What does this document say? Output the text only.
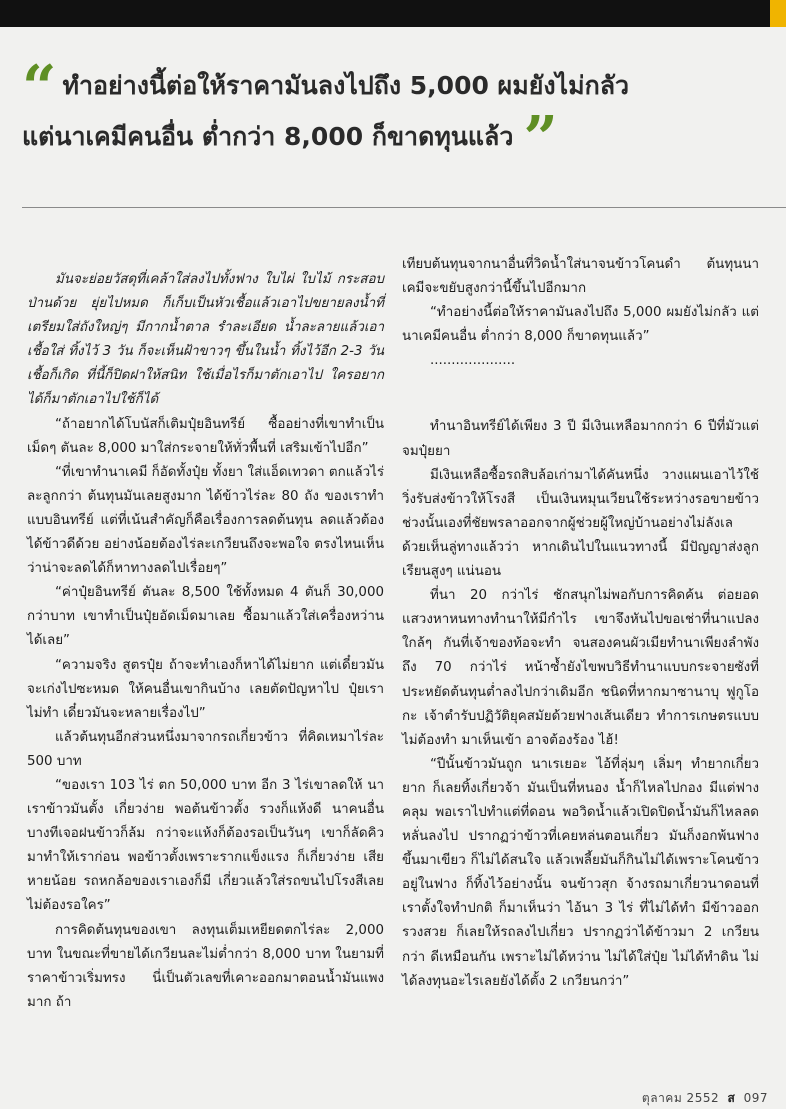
“ ทำอย่างนี้ต่อให้ราคามันลงไปถึง 5,000 ผมยังไม่กลัว
แต่นาเคมีคนอื่น ต่ำกว่า 8,000 ก็ขาดทุนแล้ว ”

มันจะย่อยวัสดุที่เคล้าใส่ลงไปทั้งฟาง ใบไผ่ ใบไม้ กระสอบป่านด้วย ยุ่ยไปหมด ก็เก็บเป็นหัวเชื้อแล้วเอาไปขยายลงน้ำที่เตรียมใส่ถังใหญ่ๆ มีกากน้ำตาล รำละเอียด น้ำละลายแล้วเอาเชื้อใส่ ทิ้งไว้ 3 วัน ก็จะเห็นฝ้าขาวๆ ขึ้นในน้ำ ทิ้งไว้อีก 2-3 วันเชื้อก็เกิด ที่นี้ก็ปิดฝาให้สนิท ใช้เมื่อไรก็มาตักเอาไป ใครอยากได้ก็มาตักเอาไปใช้ก็ได้

“ถ้าอยากได้โบนัสก็เติมปุ๋ยอินทรีย์ ซื้ออย่างที่เขาทำเป็นเม็ดๆ ตันละ 8,000 มาใส่กระจายให้ทั่วพื้นที่ เสริมเข้าไปอีก”

“ที่เขาทำนาเคมี ก็อัดทั้งปุ๋ย ทั้งยา ใส่แอ็ดเทวดา ตกแล้วไร่ละลูกกว่า ต้นทุนมันเลยสูงมาก ได้ข้าวไร่ละ 80 ถัง ของเราทำแบบอินทรีย์ แต่ที่เน้นสำคัญก็คือเรื่องการลดต้นทุน ลดแล้วต้องได้ข้าวดีด้วย อย่างน้อยต้องไร่ละเกวียนถึงจะพอใจ ตรงไหนเห็นว่าน่าจะลดได้ก็หาทางลดไปเรื่อยๆ”

“ค่าปุ๋ยอินทรีย์ ตันละ 8,500 ใช้ทั้งหมด 4 ตันก็ 30,000 กว่าบาท เขาทำเป็นปุ๋ยอัดเม็ดมาเลย ซื้อมาแล้วใส่เครื่องหว่านได้เลย”

“ความจริง สูตรปุ๋ย ถ้าจะทำเองก็หาได้ไม่ยาก แต่เดี๋ยวมันจะเก่งไปซะหมด ให้คนอื่นเขากินบ้าง เลยตัดปัญหาไป ปุ๋ยเราไม่ทำ เดี๋ยวมันจะหลายเรื่องไป”

แล้วต้นทุนอีกส่วนหนึ่งมาจากรถเกี่ยวข้าว ที่คิดเหมาไร่ละ 500 บาท

“ของเรา 103 ไร่ ตก 50,000 บาท อีก 3 ไร่เขาลดให้ นาเราข้าวมันตั้ง เกี่ยวง่าย พอต้นข้าวตั้ง รวงก็แห้งดี นาคนอื่นบางทีเจอฝนข้าวก็ล้ม กว่าจะแห้งก็ต้องรอเป็นวันๆ เขาก็ลัดคิวมาทำให้เราก่อน พอข้าวตั้งเพราะรากแข็งแรง ก็เกี่ยวง่าย เสียหายน้อย รถหกล้อของเราเองก็มี เกี่ยวแล้วใส่รถขนไปโรงสีเลย ไม่ต้องรอใคร”

การคิดต้นทุนของเขา ลงทุนเต็มเหยียดตกไร่ละ 2,000 บาท ในขณะที่ขายได้เกวียนละไม่ต่ำกว่า 8,000 บาท ในยามที่ราคาข้าวเริ่มทรง นี่เป็นตัวเลขที่เคาะออกมาตอนน้ำมันแพงมาก ถ้า

เทียบต้นทุนจากนาอื่นที่วิดน้ำใส่นาจนข้าวโคนดำ ต้นทุนนาเคมีจะขยับสูงกว่านี้ขึ้นไปอีกมาก

“ทำอย่างนี้ต่อให้ราคามันลงไปถึง 5,000 ผมยังไม่กลัว แต่นาเคมีคนอื่น ต่ำกว่า 8,000 ก็ขาดทุนแล้ว”

....................

ทำนาอินทรีย์ได้เพียง 3 ปี มีเงินเหลือมากกว่า 6 ปีที่มัวแต่จมปุ๋ยยา

มีเงินเหลือซื้อรถสิบล้อเก่ามาได้คันหนึ่ง วางแผนเอาไว้ใช้วิ่งรับส่งข้าวให้โรงสี เป็นเงินหมุนเวียนใช้ระหว่างรอขายข้าว ช่วงนั้นเองที่ชัยพรลาออกจากผู้ช่วยผู้ใหญ่บ้านอย่างไม่ลังเล ด้วยเห็นลู่ทางแล้วว่า หากเดินไปในแนวทางนี้ มีปัญญาส่งลูกเรียนสูงๆ แน่นอน

ที่นา 20 กว่าไร่ ชักสนุกไม่พอกับการคิดค้น ต่อยอด แสวงหาหนทางทำนาให้มีกำไร เขาจึงหันไปขอเช่าที่นาแปลงใกล้ๆ กันที่เจ้าของท้อจะทำ จนสองคนผัวเมียทำนาเพียงลำพังถึง 70 กว่าไร่ หน้าซ้ำยังไขพบวิธีทำนาแบบกระจายซังที่ประหยัดต้นทุนต่ำลงไปกว่าเดิมอีก ชนิดที่หากมาซานาบุ ฟูกูโอกะ เจ้าตำรับปฏิวัติยุคสมัยด้วยฟางเส้นเดียว ทำการเกษตรแบบไม่ต้องทำ มาเห็นเข้า อาจต้องร้อง ไฮ้!

“ปีนั้นข้าวมันถูก นาเรเยอะ ไอ้ที่ลุ่มๆ เลิ่มๆ ทำยากเกี่ยวยาก ก็เลยทิ้งเกี่ยวจ้า มันเป็นที่หนอง น้ำก็ไหลไปกอง มีแต่ฟางคลุม พอเราไปทำแต่ที่ดอน พอวิดน้ำแล้วเปิดปิดน้ำมันก็ไหลลดหลั่นลงไป ปรากฏว่าข้าวที่เคยหล่นตอนเกี่ยว มันก็งอกพ้นฟางขึ้นมาเขียว ก็ไม่ได้สนใจ แล้วเพลี้ยมันก็กินไม่ได้เพราะโคนข้าวอยู่ในฟาง ก็ทิ้งไว้อย่างนั้น จนข้าวสุก จ้างรถมาเกี่ยวนาดอนที่เราตั้งใจทำปกติ ก็มาเห็นว่า ไอ้นา 3 ไร่ ที่ไม่ได้ทำ มีข้าวออกรวงสวย ก็เลยให้รถลงไปเกี่ยว ปรากฏว่าได้ข้าวมา 2 เกวียนกว่า ดีเหมือนกัน เพราะไม่ได้หว่าน ไม่ได้ใส่ปุ๋ย ไม่ได้ทำดิน ไม่ได้ลงทุนอะไรเลยยังได้ตั้ง 2 เกวียนกว่า”

ตุลาคม 2552 ส 097
